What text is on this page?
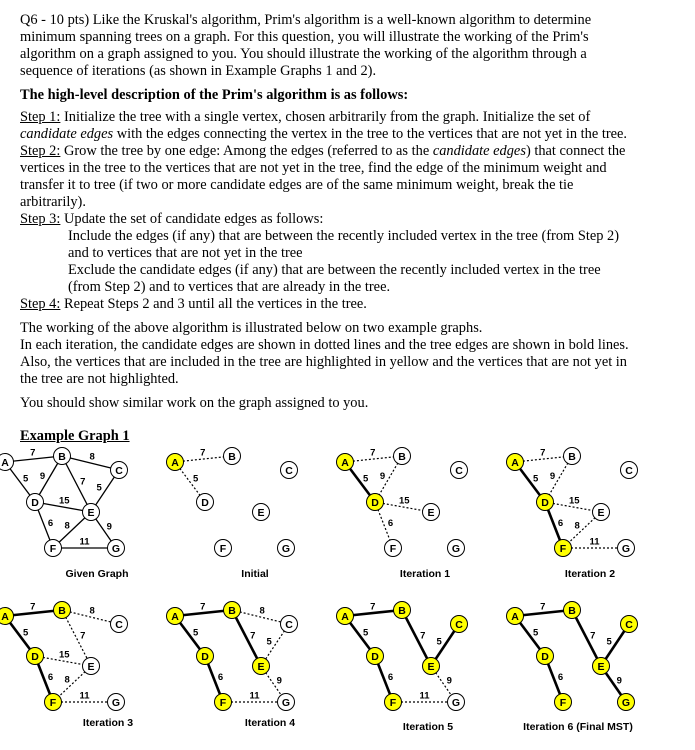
Q6 - 10 pts) Like the Kruskal's algorithm, Prim's algorithm is a well-known algorithm to determine
minimum spanning trees on a graph. For this question, you will illustrate the working of the Prim's
algorithm on a graph assigned to you. You should illustrate the working of the algorithm through a
sequence of iterations (as shown in Example Graphs 1 and 2).
The high-level description of the Prim's algorithm is as follows:
Step 1: Initialize the tree with a single vertex, chosen arbitrarily from the graph. Initialize the set of
candidate edges with the edges connecting the vertex in the tree to the vertices that are not yet in the tree.
Step 2: Grow the tree by one edge: Among the edges (referred to as the candidate edges) that connect the
vertices in the tree to the vertices that are not yet in the tree, find the edge of the minimum weight and
transfer it to tree (if two or more candidate edges are of the same minimum weight, break the tie
arbitrarily).
Step 3: Update the set of candidate edges as follows:
Include the edges (if any) that are between the recently included vertex in the tree (from Step 2)
and to vertices that are not yet in the tree
Exclude the candidate edges (if any) that are between the recently included vertex in the tree
(from Step 2) and to vertices that are already in the tree.
Step 4: Repeat Steps 2 and 3 until all the vertices in the tree.
The working of the above algorithm is illustrated below on two example graphs.
In each iteration, the candidate edges are shown in dotted lines and the tree edges are shown in bold lines.
Also, the vertices that are included in the tree are highlighted in yellow and the vertices that are not yet in
the tree are not highlighted.
You should show similar work on the graph assigned to you.
Example Graph 1
7
5
8
9	7
5
15
6 8	9
11
A	B
C
D
E
F	G
Given Graph
7
5
A	B
C
D
E
F	G
Initial
7
5 9
15
6
A	B
C
D
E
F	G
Iteration 1
7
5 9
15
6 8
11
A	B
C
D
E
F	G
Iteration 2
7
5
8
7
15
6 8
11
A	B
C
D
E
F	G
Iteration 3
7
5
8
7
5
6	9
11
A	B
C
D
E
F	G
Iteration 4
7
5	7
5
6	9
11
A	B
C
D
E
F	G
Iteration 5
7
5	7
5
6	9
A	B
C
D
E
F	G
Iteration 6 (Final MST)
